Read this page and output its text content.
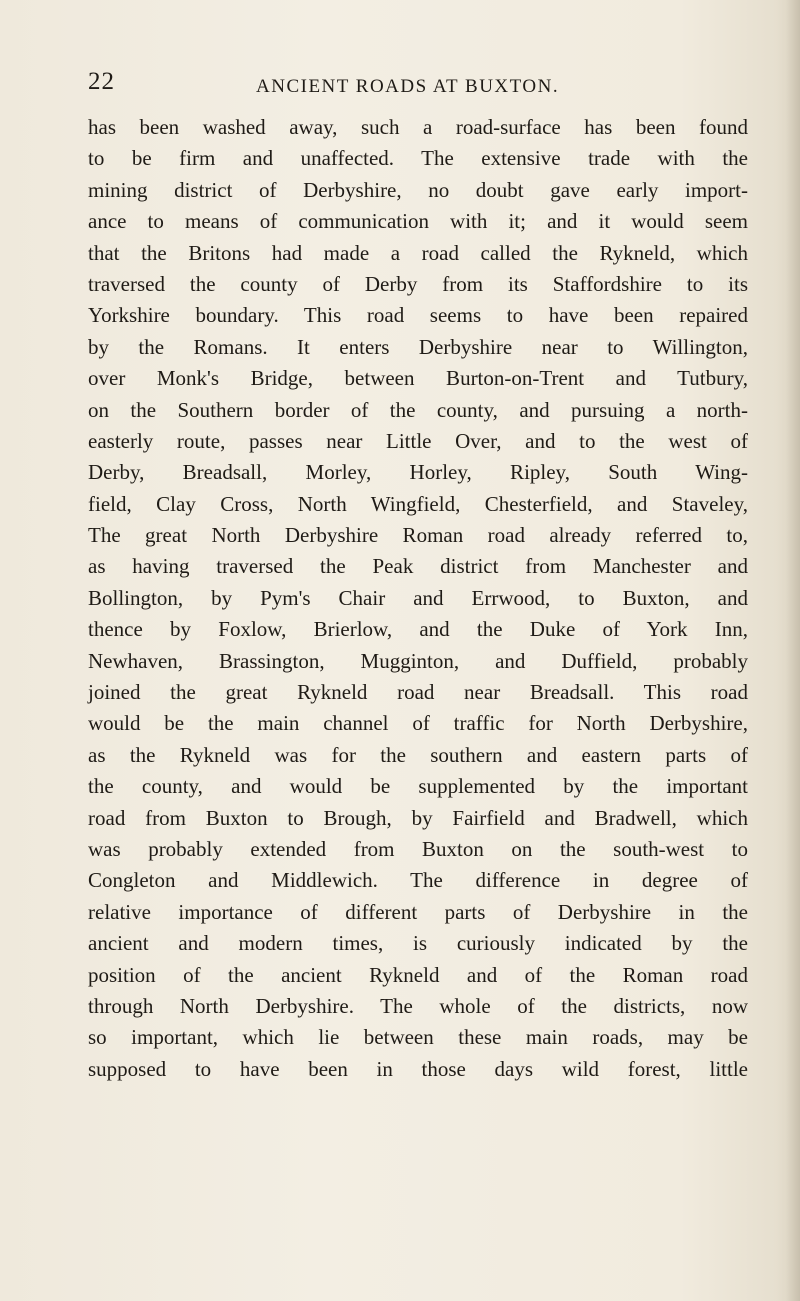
22	ANCIENT ROADS AT BUXTON.
has been washed away, such a road-surface has been found
to be firm and unaffected. The extensive trade with the
mining district of Derbyshire, no doubt gave early import-
ance to means of communication with it; and it would seem
that the Britons had made a road called the Rykneld, which
traversed the county of Derby from its Staffordshire to its
Yorkshire boundary. This road seems to have been repaired
by the Romans. It enters Derbyshire near to Willington,
over Monk's Bridge, between Burton-on-Trent and Tutbury,
on the Southern border of the county, and pursuing a north-
easterly route, passes near Little Over, and to the west of
Derby, Breadsall, Morley, Horley, Ripley, South Wing-
field, Clay Cross, North Wingfield, Chesterfield, and Staveley,
The great North Derbyshire Roman road already referred to,
as having traversed the Peak district from Manchester and
Bollington, by Pym's Chair and Errwood, to Buxton, and
thence by Foxlow, Brierlow, and the Duke of York Inn,
Newhaven, Brassington, Mugginton, and Duffield, probably
joined the great Rykneld road near Breadsall. This road
would be the main channel of traffic for North Derbyshire,
as the Rykneld was for the southern and eastern parts of
the county, and would be supplemented by the important
road from Buxton to Brough, by Fairfield and Bradwell, which
was probably extended from Buxton on the south-west to
Congleton and Middlewich. The difference in degree of
relative importance of different parts of Derbyshire in the
ancient and modern times, is curiously indicated by the
position of the ancient Rykneld and of the Roman road
through North Derbyshire. The whole of the districts, now
so important, which lie between these main roads, may be
supposed to have been in those days wild forest, little
